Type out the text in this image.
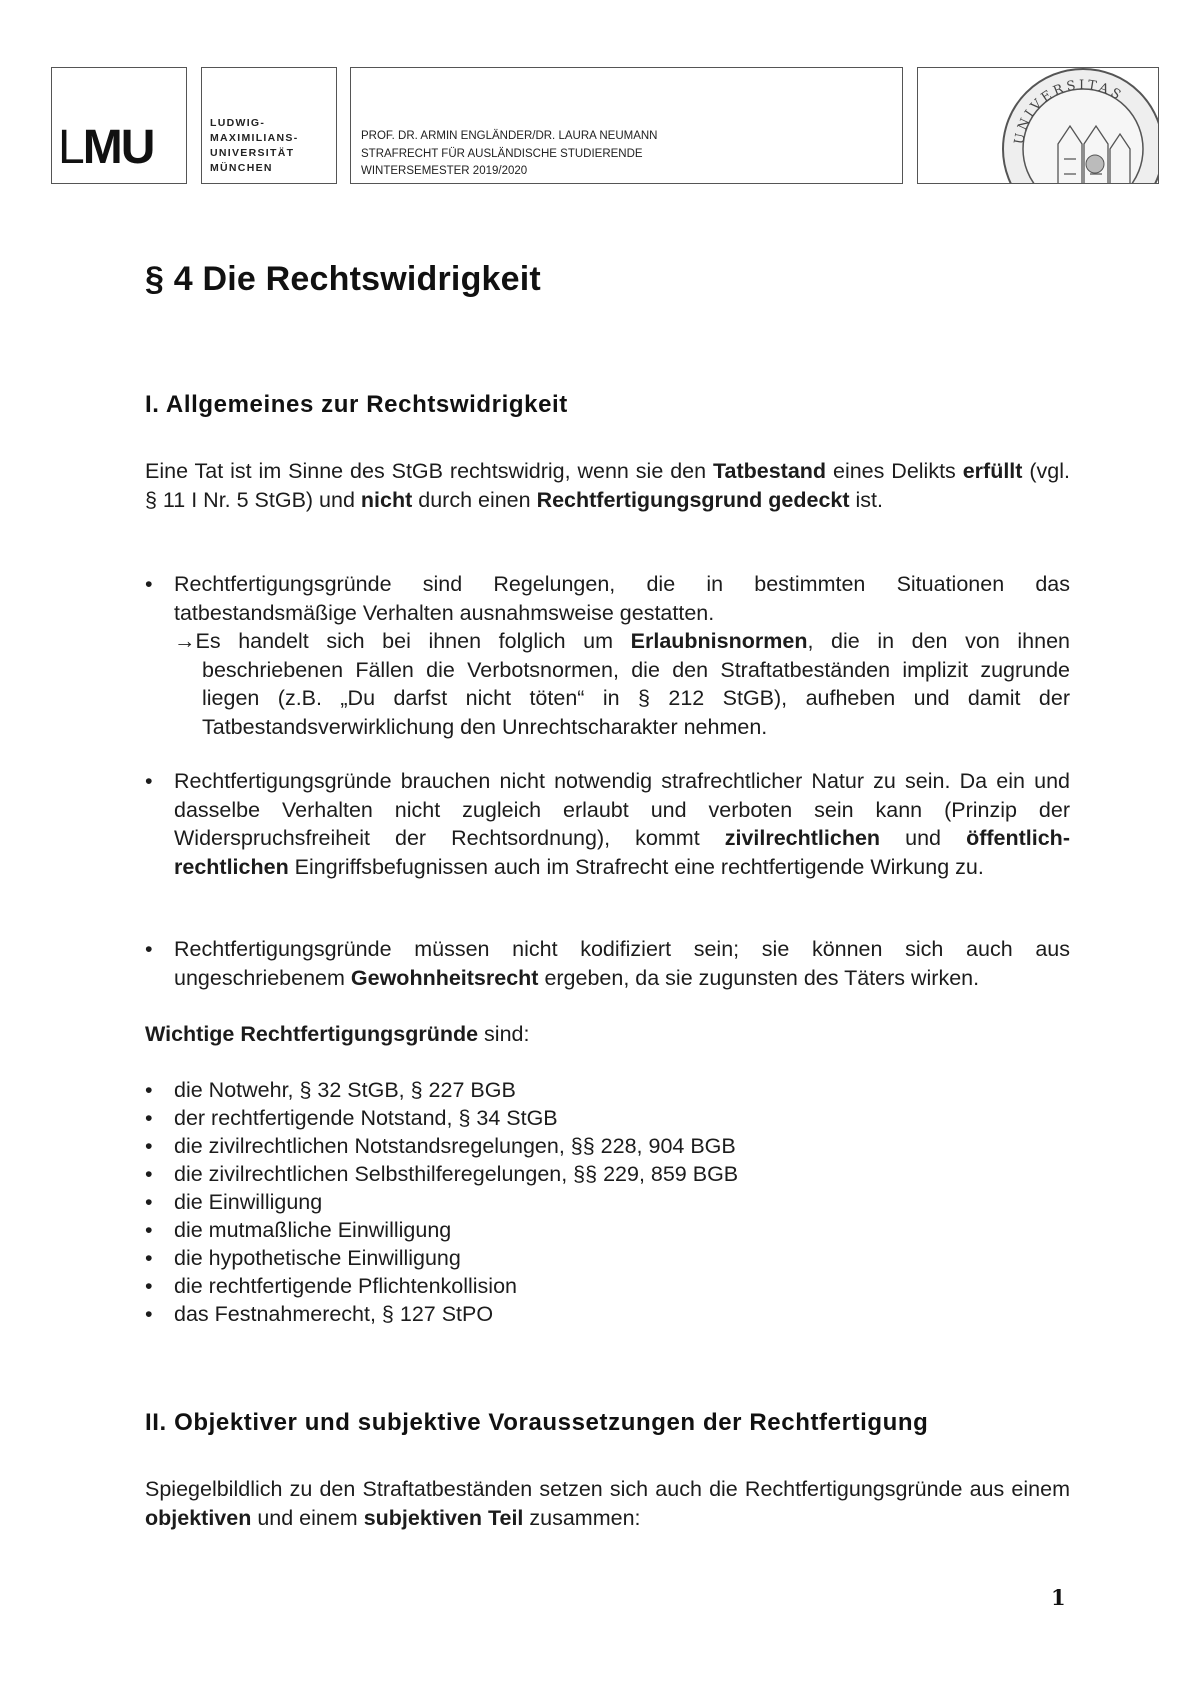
LMU	LUDWIG-
MAXIMILIANS-
UNIVERSITÄT
MÜNCHEN
PROF. DR. ARMIN ENGLÄNDER/DR. LAURA NEUMANN
STRAFRECHT FÜR AUSLÄNDISCHE STUDIERENDE
WINTERSEMESTER 2019/2020
UNIVERSITAS
§ 4 Die Rechtswidrigkeit
I. Allgemeines zur Rechtswidrigkeit

Eine Tat ist im Sinne des StGB rechtswidrig, wenn sie den Tatbestand eines Delikts erfüllt (vgl. § 11 I Nr. 5 StGB) und nicht durch einen Rechtfertigungsgrund gedeckt ist.

• Rechtfertigungsgründe sind Regelungen, die in bestimmten Situationen das tatbestandsmäßige Verhalten ausnahmsweise gestatten.

→Es handelt sich bei ihnen folglich um Erlaubnisnormen, die in den von ihnen beschriebenen Fällen die Verbotsnormen, die den Straftatbeständen implizit zugrunde liegen (z.B. „Du darfst nicht töten“ in § 212 StGB), aufheben und damit der Tatbestandsverwirklichung den Unrechtscharakter nehmen.

• Rechtfertigungsgründe brauchen nicht notwendig strafrechtlicher Natur zu sein. Da ein und dasselbe Verhalten nicht zugleich erlaubt und verboten sein kann (Prinzip der Widerspruchsfreiheit der Rechtsordnung), kommt zivilrechtlichen und öffentlich-rechtlichen Eingriffsbefugnissen auch im Strafrecht eine rechtfertigende Wirkung zu.

• Rechtfertigungsgründe müssen nicht kodifiziert sein; sie können sich auch aus ungeschriebenem Gewohnheitsrecht ergeben, da sie zugunsten des Täters wirken.

Wichtige Rechtfertigungsgründe sind:

• die Notwehr, § 32 StGB, § 227 BGB
• der rechtfertigende Notstand, § 34 StGB
• die zivilrechtlichen Notstandsregelungen, §§ 228, 904 BGB
• die zivilrechtlichen Selbsthilferegelungen, §§ 229, 859 BGB
• die Einwilligung
• die mutmaßliche Einwilligung
• die hypothetische Einwilligung
• die rechtfertigende Pflichtenkollision
• das Festnahmerecht, § 127 StPO
II. Objektiver und subjektive Voraussetzungen der Rechtfertigung

Spiegelbildlich zu den Straftatbeständen setzen sich auch die Rechtfertigungsgründe aus einem objektiven und einem subjektiven Teil zusammen:

1
